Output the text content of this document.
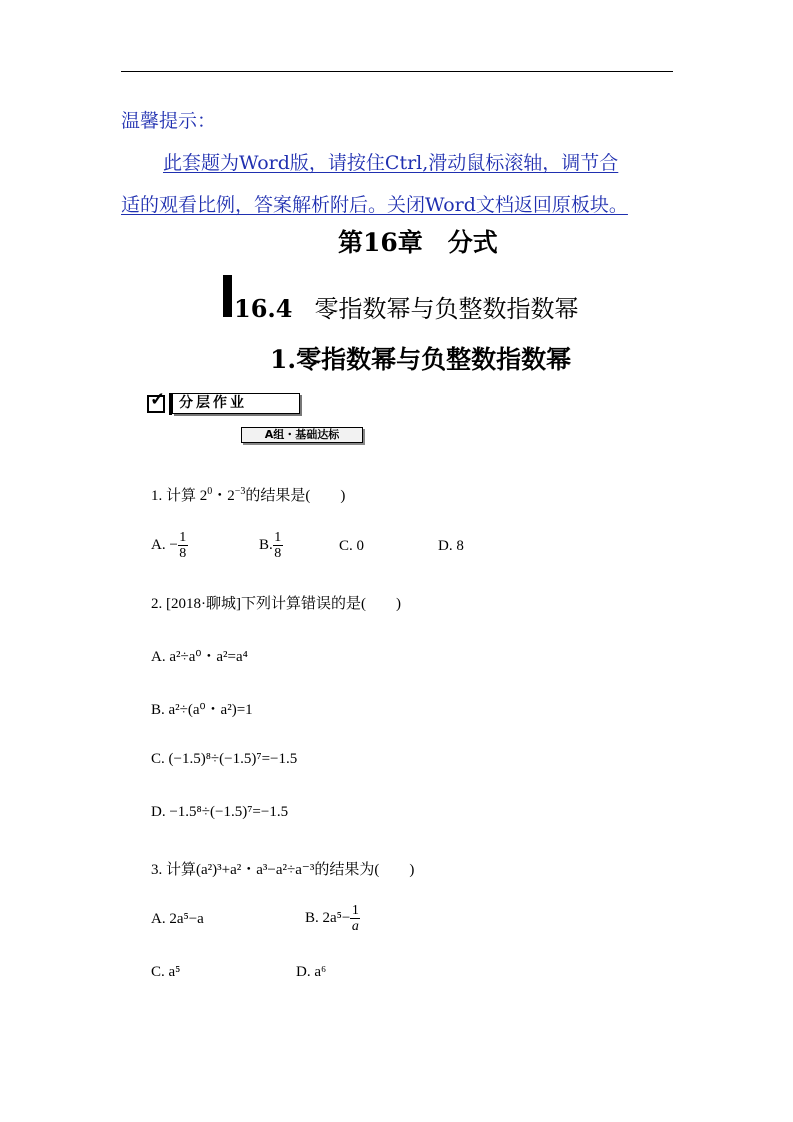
温馨提示：
此套题为Word版，请按住Ctrl,滑动鼠标滚轴，调节合
适的观看比例，答案解析附后。关闭Word文档返回原板块。
第16章　分式
16.4 零指数幂与负整数指数幂
1.零指数幂与负整数指数幂
✓ 分层作业
A组・基础达标
1. 计算 $2^0$・$2^{-3}$的结果是(　　)
A. − $\frac{1}{8}$	B. $\frac{1}{8}$	C. 0	D. 8
2. [2018·聊城]下列计算错误的是(　　)
A. a²÷a⁰・a²=a⁴
B. a²÷(a⁰・a²)=1
C. (−1.5)⁸÷(−1.5)⁷=−1.5
D. −1.5⁸÷(−1.5)⁷=−1.5
3. 计算(a²)³+a²・a³−a²÷a⁻³的结果为(　　)
A. 2a⁵−a	B. $2a^5- \frac{1}{a}$
C. a⁵	D. a⁶
